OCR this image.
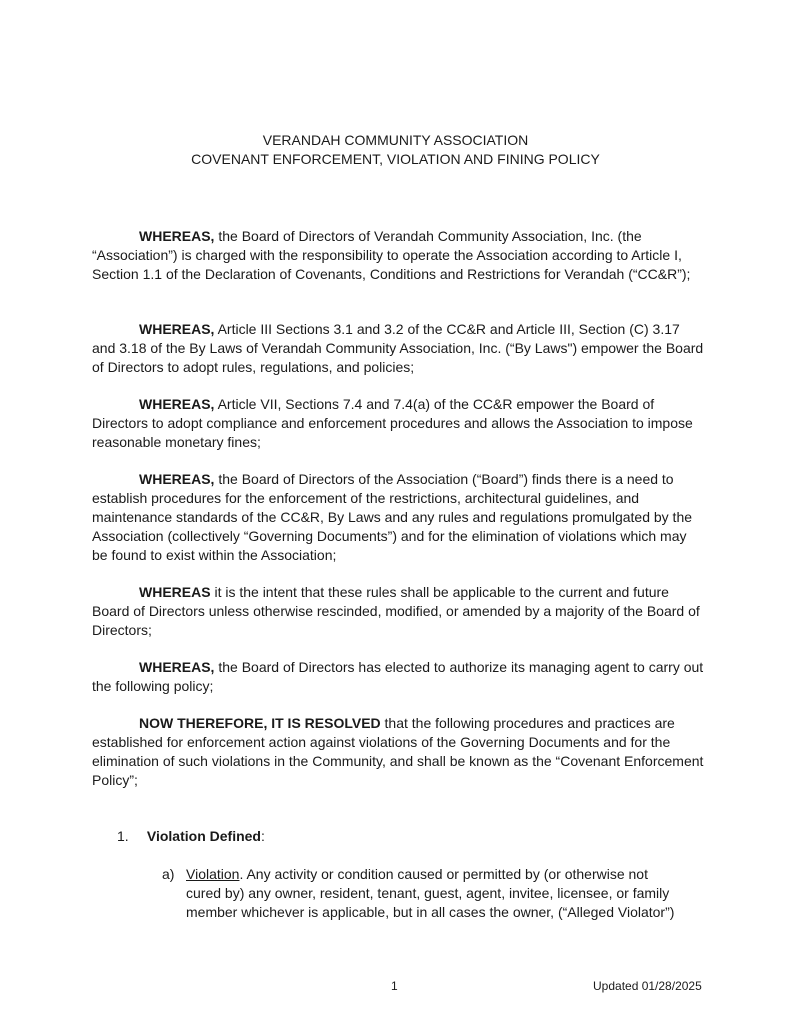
VERANDAH COMMUNITY ASSOCIATION
COVENANT ENFORCEMENT, VIOLATION AND FINING POLICY
WHEREAS, the Board of Directors of Verandah Community Association, Inc. (the “Association”) is charged with the responsibility to operate the Association according to Article I, Section 1.1 of the Declaration of Covenants, Conditions and Restrictions for Verandah (“CC&R”);
WHEREAS, Article III Sections 3.1 and 3.2 of the CC&R and Article III, Section (C) 3.17 and 3.18 of the By Laws of Verandah Community Association, Inc. (“By Laws") empower the Board of Directors to adopt rules, regulations, and policies;
WHEREAS, Article VII, Sections 7.4 and 7.4(a) of the CC&R empower the Board of Directors to adopt compliance and enforcement procedures and allows the Association to impose reasonable monetary fines;
WHEREAS, the Board of Directors of the Association (“Board”) finds there is a need to establish procedures for the enforcement of the restrictions, architectural guidelines, and maintenance standards of the CC&R, By Laws and any rules and regulations promulgated by the Association (collectively “Governing Documents”) and for the elimination of violations which may be found to exist within the Association;
WHEREAS it is the intent that these rules shall be applicable to the current and future Board of Directors unless otherwise rescinded, modified, or amended by a majority of the Board of Directors;
WHEREAS, the Board of Directors has elected to authorize its managing agent to carry out the following policy;
NOW THEREFORE, IT IS RESOLVED that the following procedures and practices are established for enforcement action against violations of the Governing Documents and for the elimination of such violations in the Community, and shall be known as the “Covenant Enforcement Policy”;
1. Violation Defined:
a) Violation. Any activity or condition caused or permitted by (or otherwise not cured by) any owner, resident, tenant, guest, agent, invitee, licensee, or family member whichever is applicable, but in all cases the owner, (“Alleged Violator”)
1	Updated 01/28/2025
